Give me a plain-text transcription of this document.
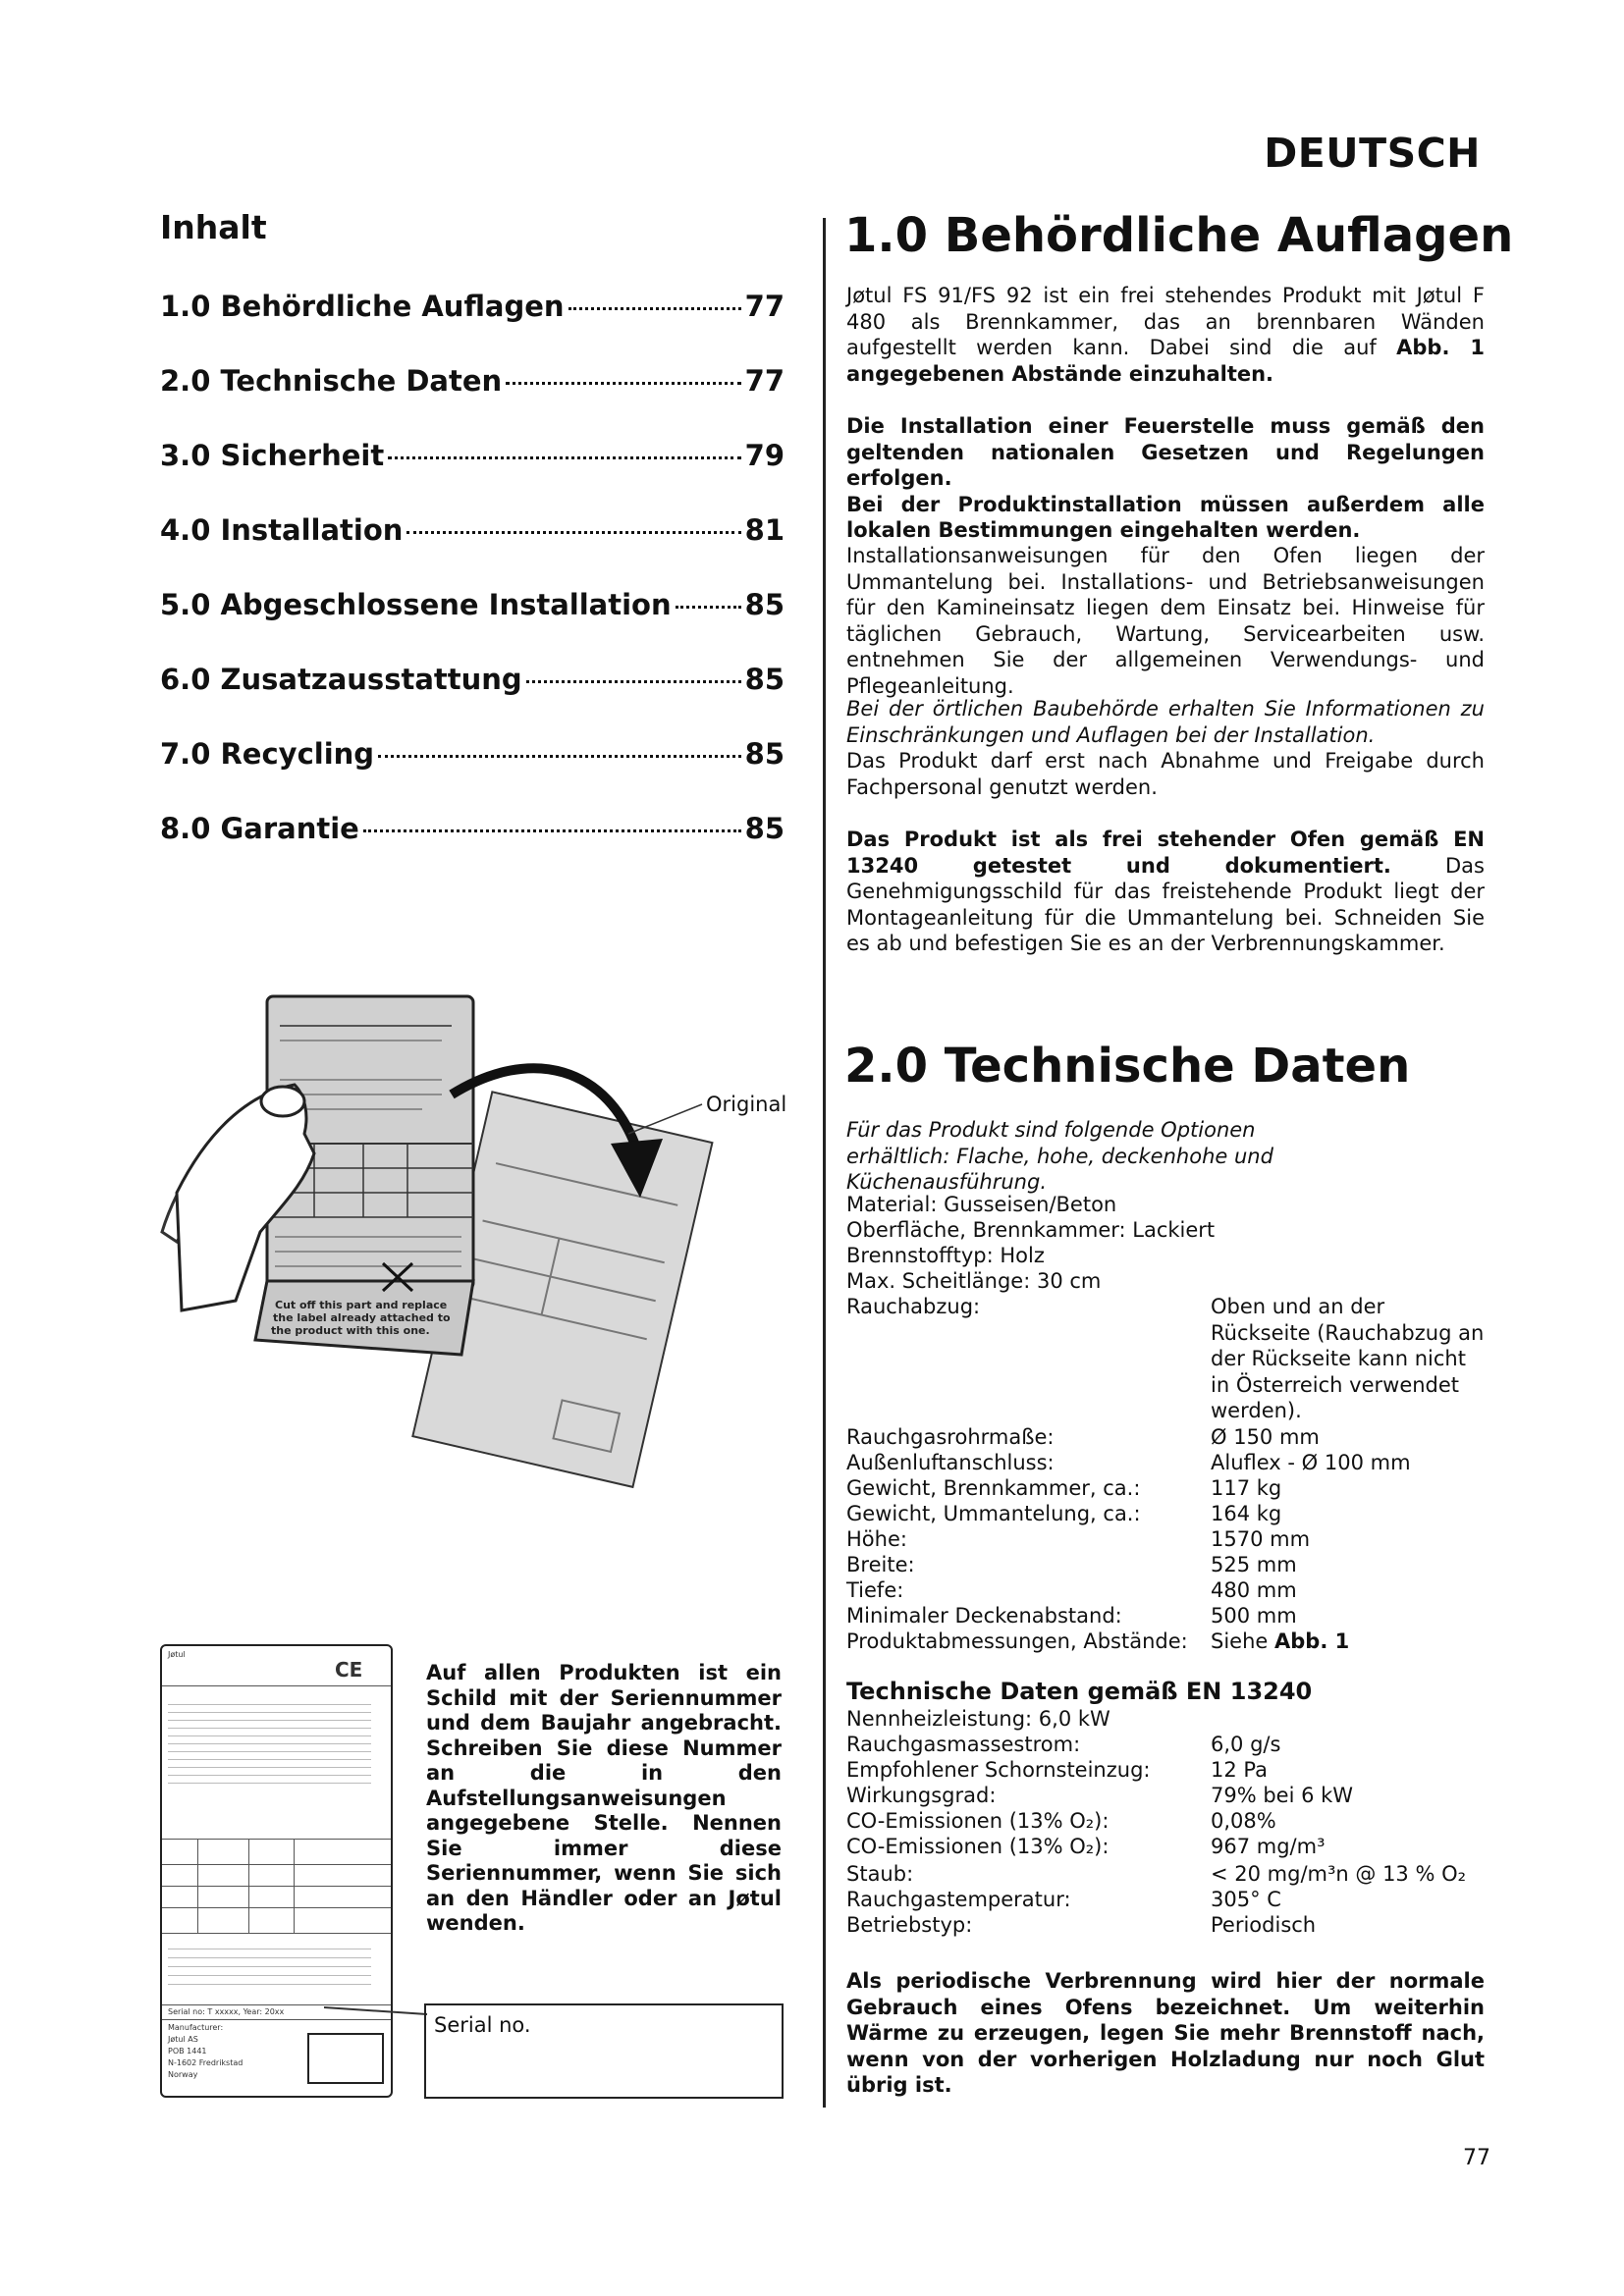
DEUTSCH
Inhalt
1.0 Behördliche Auflagen	77
2.0 Technische Daten	77
3.0 Sicherheit	79
4.0 Installation	81
5.0 Abgeschlossene Installation	85
6.0 Zusatzausstattung	85
7.0 Recycling	85
8.0 Garantie	85
1.0 Behördliche Auflagen

Jøtul FS 91/FS 92 ist ein frei stehendes Produkt mit Jøtul F 480 als Brennkammer, das an brennbaren Wänden aufgestellt werden kann. Dabei sind die auf Abb. 1 angegebenen Abstände einzuhalten.

Die Installation einer Feuerstelle muss gemäß den geltenden nationalen Gesetzen und Regelungen erfolgen.
Bei der Produktinstallation müssen außerdem alle lokalen Bestimmungen eingehalten werden.

Installationsanweisungen für den Ofen liegen der Ummantelung bei. Installations- und Betriebsanweisungen für den Kamineinsatz liegen dem Einsatz bei. Hinweise für täglichen Gebrauch, Wartung, Servicearbeiten usw. entnehmen Sie der allgemeinen Verwendungs- und Pflegeanleitung.

Bei der örtlichen Baubehörde erhalten Sie Informationen zu Einschränkungen und Auflagen bei der Installation.
Das Produkt darf erst nach Abnahme und Freigabe durch Fachpersonal genutzt werden.

Das Produkt ist als frei stehender Ofen gemäß EN 13240 getestet und dokumentiert. Das Genehmigungsschild für das freistehende Produkt liegt der Montageanleitung für die Ummantelung bei. Schneiden Sie es ab und befestigen Sie es an der Verbrennungskammer.

Cut off this part and replace the label already attached to the product with this one.
Original
2.0 Technische Daten

Für das Produkt sind folgende Optionen erhältlich: Flache, hohe, deckenhohe und Küchenausführung.

Material: Gusseisen/Beton
Oberfläche, Brennkammer: Lackiert
Brennstofftyp: Holz
Max. Scheitlänge: 30 cm
Rauchabzug:	Oben und an der Rückseite (Rauchabzug an der Rückseite kann nicht in Österreich verwendet werden).
Rauchgasrohrmaße:	Ø 150 mm
Außenluftanschluss:	Aluflex - Ø 100 mm
Gewicht, Brennkammer, ca.:	117 kg
Gewicht, Ummantelung, ca.:	164 kg
Höhe:	1570 mm
Breite:	525 mm
Tiefe:	480 mm
Minimaler Deckenabstand:	500 mm
Produktabmessungen, Abstände: Siehe Abb. 1
Technische Daten gemäß EN 13240
Nennheizleistung: 6,0 kW
Rauchgasmassestrom:	6,0 g/s
Empfohlener Schornsteinzug:	12 Pa
Wirkungsgrad:	79% bei 6 kW
CO-Emissionen (13% O₂):	0,08%
CO-Emissionen (13% O₂):	967 mg/m³
Staub:	< 20 mg/m³n @ 13 % O₂
Rauchgastemperatur:	305° C
Betriebstyp:	Periodisch

Als periodische Verbrennung wird hier der normale Gebrauch eines Ofens bezeichnet. Um weiterhin Wärme zu erzeugen, legen Sie mehr Brennstoff nach, wenn von der vorherigen Holzladung nur noch Glut übrig ist.

Jøtul
CE
Serial no: T xxxxx, Year: 20xx
Manufacturer:
Jøtul AS
POB 1441
N-1602 Fredrikstad
Norway
Auf allen Produkten ist ein Schild mit der Seriennummer und dem Baujahr angebracht. Schreiben Sie diese Nummer an die in den Aufstellungsanweisungen angegebene Stelle. Nennen Sie immer diese Seriennummer, wenn Sie sich an den Händler oder an Jøtul wenden.
Serial no.
77
